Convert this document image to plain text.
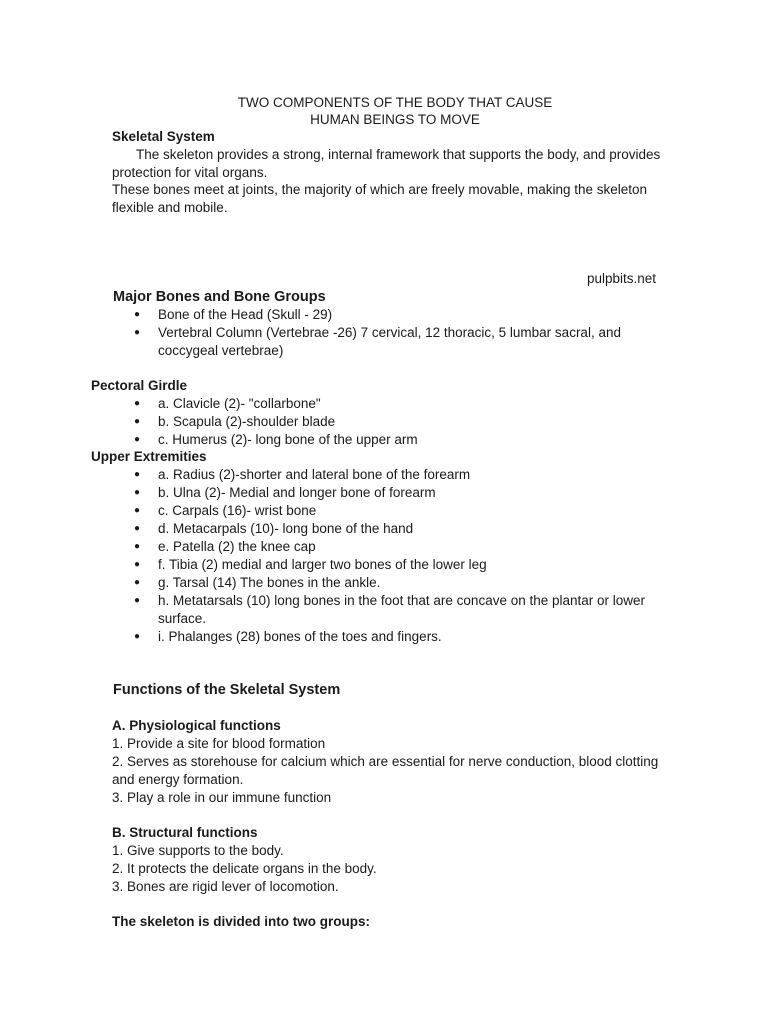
TWO COMPONENTS OF THE BODY THAT CAUSE
HUMAN BEINGS TO MOVE
Skeletal System

The skeleton provides a strong, internal framework that supports the body, and provides protection for vital organs.

These bones meet at joints, the majority of which are freely movable, making the skeleton flexible and mobile.

pulpbits.net
Major Bones and Bone Groups
● Bone of the Head (Skull - 29)
● Vertebral Column (Vertebrae -26) 7 cervical, 12 thoracic, 5 lumbar sacral, and coccygeal vertebrae)
Pectoral Girdle
● a. Clavicle (2)- "collarbone"
● b. Scapula (2)-shoulder blade
● c. Humerus (2)- long bone of the upper arm
Upper Extremities
● a. Radius (2)-shorter and lateral bone of the forearm
● b. Ulna (2)- Medial and longer bone of forearm
● c. Carpals (16)- wrist bone
● d. Metacarpals (10)- long bone of the hand
● e. Patella (2) the knee cap
● f. Tibia (2) medial and larger two bones of the lower leg
● g. Tarsal (14) The bones in the ankle.
● h. Metatarsals (10) long bones in the foot that are concave on the plantar or lower surface.
● i. Phalanges (28) bones of the toes and fingers.
Functions of the Skeletal System
A. Physiological functions
1. Provide a site for blood formation
2. Serves as storehouse for calcium which are essential for nerve conduction, blood clotting and energy formation.
3. Play a role in our immune function
B. Structural functions
1. Give supports to the body.
2. It protects the delicate organs in the body.
3. Bones are rigid lever of locomotion.
The skeleton is divided into two groups:
